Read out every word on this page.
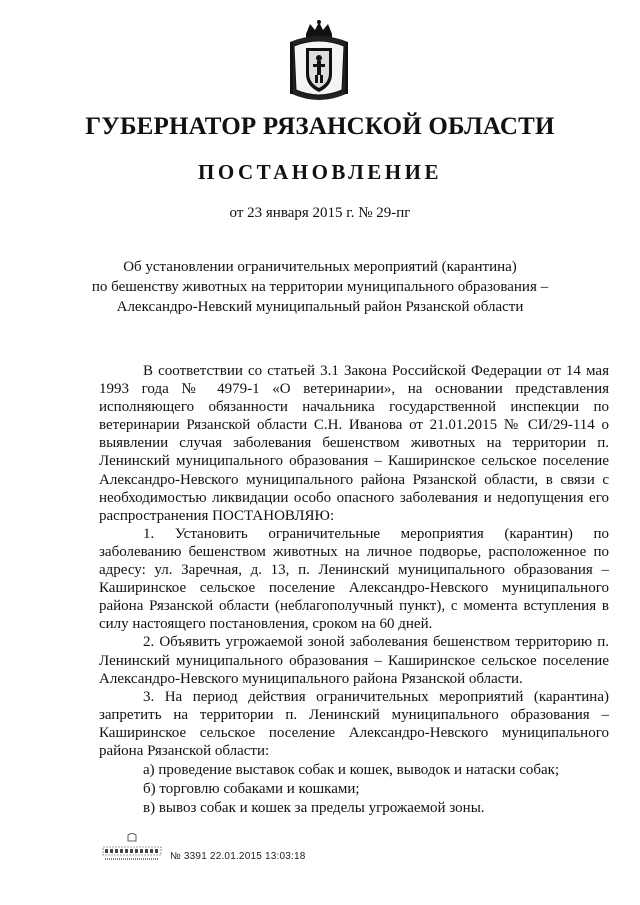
ГУБЕРНАТОР РЯЗАНСКОЙ ОБЛАСТИ
ПОСТАНОВЛЕНИЕ
от 23 января 2015 г. № 29-пг
Об установлении ограничительных мероприятий (карантина)
по бешенству животных на территории муниципального образования –
Александро-Невский муниципальный район Рязанской области

В соответствии со статьей 3.1 Закона Российской Федерации от 14 мая 1993 года № 4979-1 «О ветеринарии», на основании представления исполняющего обязанности начальника государственной инспекции по ветеринарии Рязанской области С.Н. Иванова от 21.01.2015 № СИ/29-114 о выявлении случая заболевания бешенством животных на территории п. Ленинский муниципального образования – Каширинское сельское поселение Александро-Невского муниципального района Рязанской области, в связи с необходимостью ликвидации особо опасного заболевания и недопущения его распространения ПОСТАНОВЛЯЮ:

1. Установить ограничительные мероприятия (карантин) по заболеванию бешенством животных на личное подворье, расположенное по адресу: ул. Заречная, д. 13, п. Ленинский муниципального образования – Каширинское сельское поселение Александро-Невского муниципального района Рязанской области (неблагополучный пункт), с момента вступления в силу настоящего постановления, сроком на 60 дней.

2. Объявить угрожаемой зоной заболевания бешенством территорию п. Ленинский муниципального образования – Каширинское сельское поселение Александро-Невского муниципального района Рязанской области.

3. На период действия ограничительных мероприятий (карантина) запретить на территории п. Ленинский муниципального образования – Каширинское сельское поселение Александро-Невского муниципального района Рязанской области:

а) проведение выставок собак и кошек, выводок и натаски собак;

б) торговлю собаками и кошками;

в) вывоз собак и кошек за пределы угрожаемой зоны.

№ 3391 22.01.2015 13:03:18
